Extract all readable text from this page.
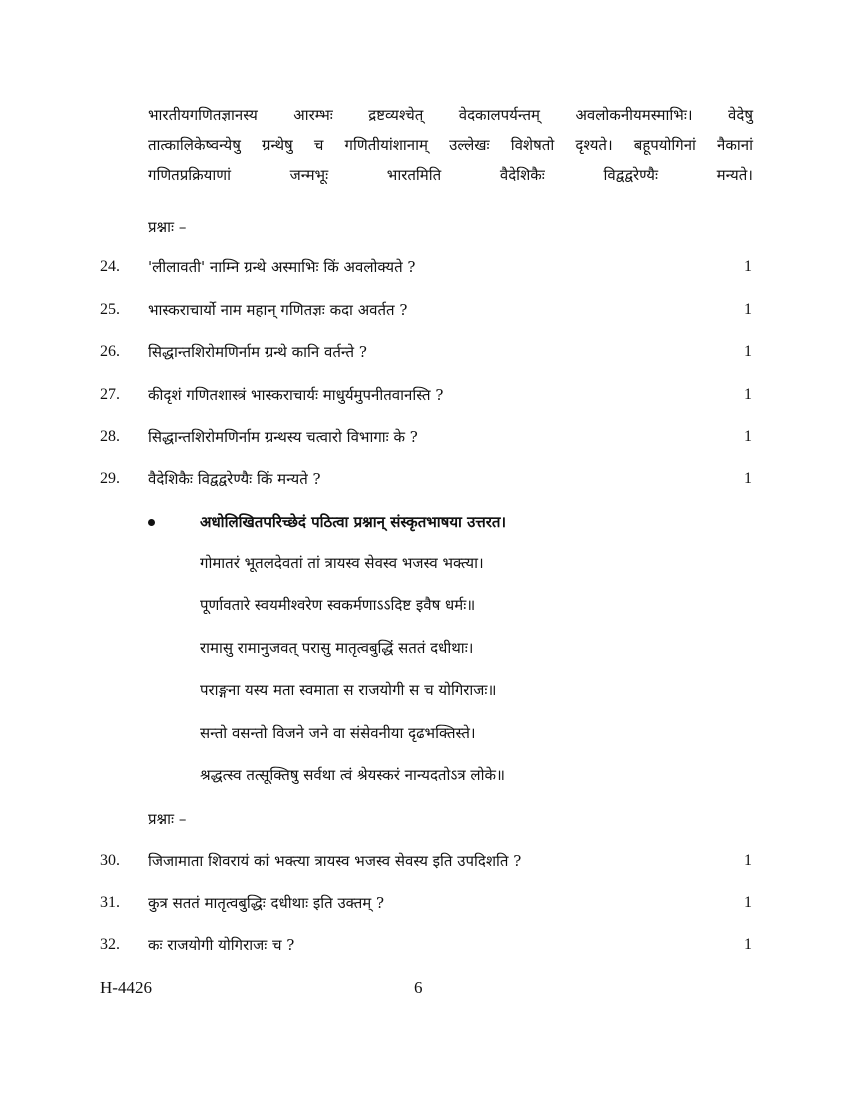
भारतीयगणितज्ञानस्य आरम्भः द्रष्टव्यश्चेत् वेदकालपर्यन्तम् अवलोकनीयमस्माभिः। वेदेषु
तात्कालिकेष्वन्येषु ग्रन्थेषु च गणितीयांशानाम् उल्लेखः विशेषतो दृश्यते। बहूपयोगिनां नैकानां
गणितप्रक्रियाणां जन्मभूः भारतमिति वैदेशिकैः विद्वद्वरेण्यैः मन्यते।
प्रश्नाः –
24. 'लीलावती' नाम्नि ग्रन्थे अस्माभिः किं अवलोक्यते ?	1
25. भास्कराचार्यो नाम महान् गणितज्ञः कदा अवर्तत ?	1
26. सिद्धान्तशिरोमणिर्नाम ग्रन्थे कानि वर्तन्ते ?	1
27. कीदृशं गणितशास्त्रं भास्कराचार्यः माधुर्यमुपनीतवानस्ति ?	1
28. सिद्धान्तशिरोमणिर्नाम ग्रन्थस्य चत्वारो विभागाः के ?	1
29. वैदेशिकैः विद्वद्वरेण्यैः किं मन्यते ?	1
अधोलिखितपरिच्छेदं पठित्वा प्रश्नान् संस्कृतभाषया उत्तरत।
गोमातरं भूतलदेवतां तां त्रायस्व सेवस्व भजस्व भक्त्या।
पूर्णावतारे स्वयमीश्वरेण स्वकर्मणाऽऽदिष्ट इवैष धर्मः॥
रामासु रामानुजवत् परासु मातृत्वबुद्धिं सततं दधीथाः।
पराङ्गना यस्य मता स्वमाता स राजयोगी स च योगिराजः॥
सन्तो वसन्तो विजने जने वा संसेवनीया दृढभक्तिस्ते।
श्रद्धत्स्व तत्सूक्तिषु सर्वथा त्वं श्रेयस्करं नान्यदतोऽत्र लोके॥
प्रश्नाः –
30. जिजामाता शिवरायं कां भक्त्या त्रायस्व भजस्व सेवस्य इति उपदिशति ?	1
31. कुत्र सततं मातृत्वबुद्धिः दधीथाः इति उक्तम् ?	1
32. कः राजयोगी योगिराजः च ?	1
H-4426	6
